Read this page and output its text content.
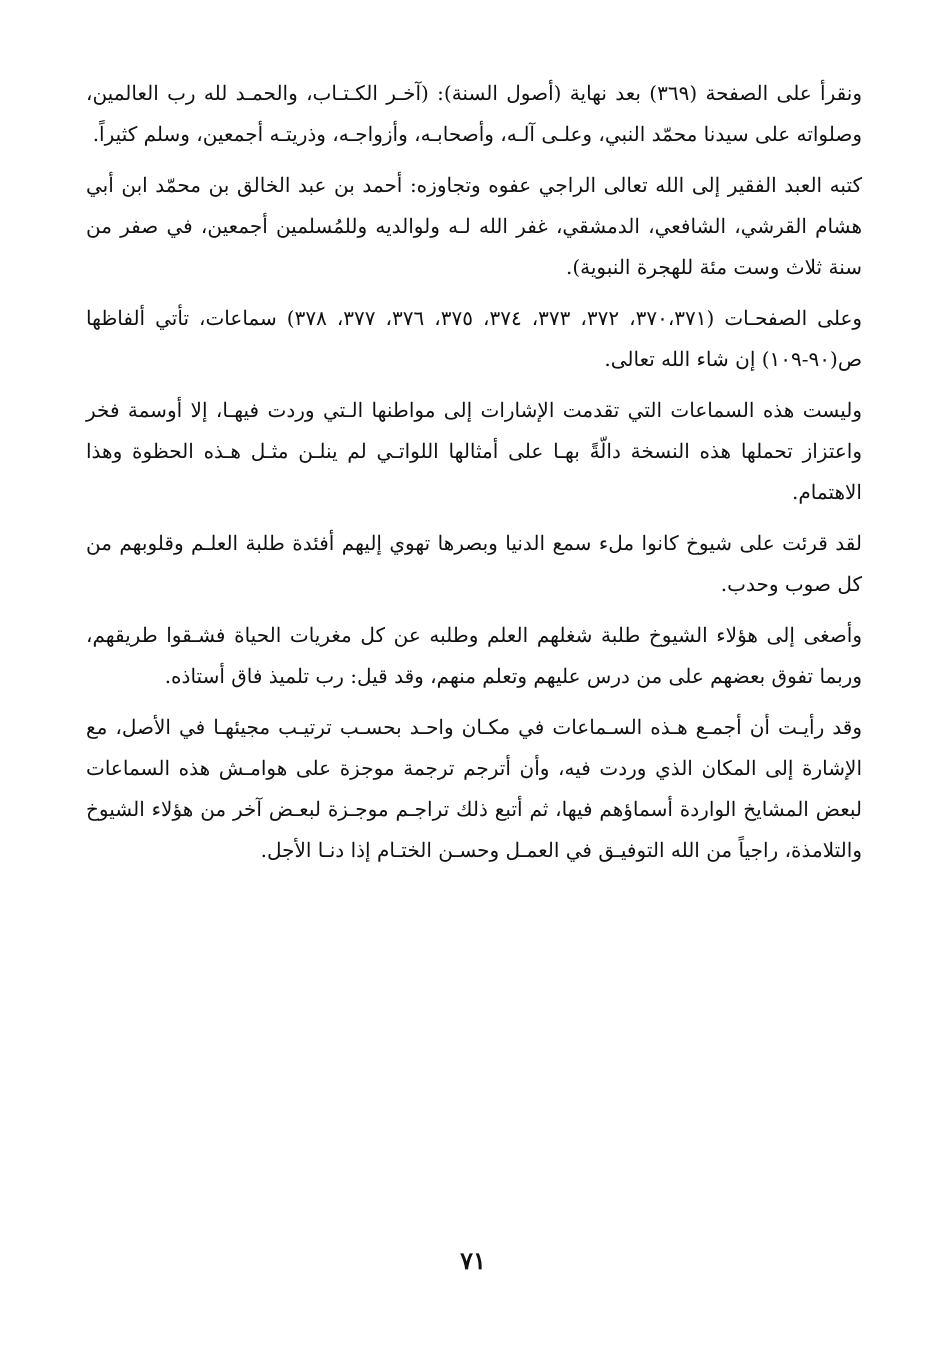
ونقرأ على الصفحة (٣٦٩) بعد نهاية (أصول السنة): (آخـر الكـتـاب، والحمـد لله رب العالمين، وصلواته على سيدنا محمّد النبي، وعلـى آلـه، وأصحابـه، وأزواجـه، وذريتـه أجمعين، وسلم كثيراً.

كتبه العبد الفقير إلى الله تعالى الراجي عفوه وتجاوزه: أحمد بن عبد الخالق بن محمّد ابن أبي هشام القرشي، الشافعي، الدمشقي، غفر الله لـه ولوالديه وللمُسلمين أجمعين، في صفر من سنة ثلاث وست مئة للهجرة النبوية).

وعلى الصفحـات (٣٧٠،٣٧١، ٣٧٢، ٣٧٣، ٣٧٤، ٣٧٥، ٣٧٦، ٣٧٧، ٣٧٨) سماعات، تأتي ألفاظها ص(٩٠-١٠٩) إن شاء الله تعالى.

وليست هذه السماعات التي تقدمت الإشارات إلى مواطنها الـتي وردت فيهـا، إلا أوسمة فخر واعتزاز تحملها هذه النسخة دالّةً بهـا على أمثالها اللواتـي لم ينلـن مثـل هـذه الحظوة وهذا الاهتمام.

لقد قرئت على شيوخ كانوا ملء سمع الدنيا وبصرها تهوي إليهم أفئدة طلبة العلـم وقلوبهم من كل صوب وحدب.

وأصغى إلى هؤلاء الشيوخ طلبة شغلهم العلم وطلبه عن كل مغريات الحياة فشـقوا طريقهم، وربما تفوق بعضهم على من درس عليهم وتعلم منهم، وقد قيل: رب تلميذ فاق أستاذه.

وقد رأيـت أن أجمـع هـذه السـماعات في مكـان واحـد بحسـب ترتيـب مجيئهـا في الأصل، مع الإشارة إلى المكان الذي وردت فيه، وأن أترجم ترجمة موجزة على هوامـش هذه السماعات لبعض المشايخ الواردة أسماؤهم فيها، ثم أتبع ذلك تراجـم موجـزة لبعـض آخر من هؤلاء الشيوخ والتلامذة، راجياً من الله التوفيـق في العمـل وحسـن الختـام إذا دنـا الأجل.

٧١
